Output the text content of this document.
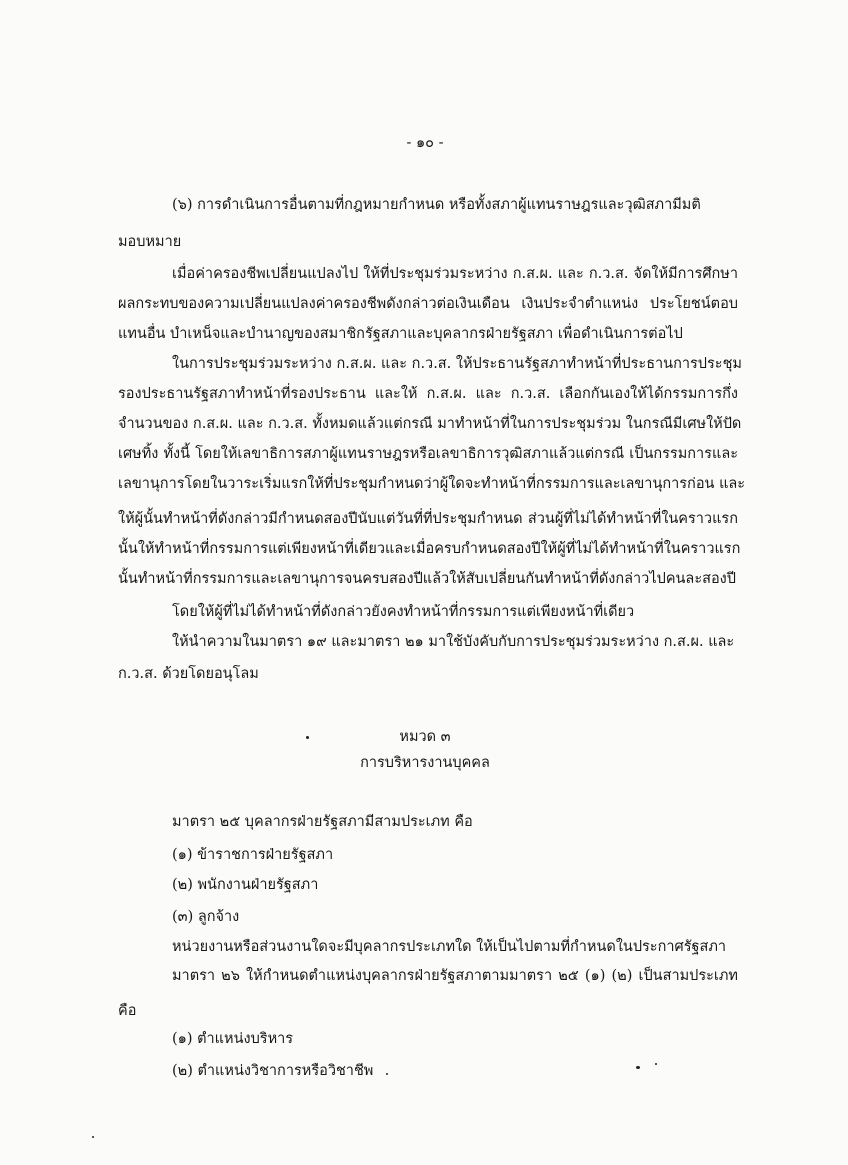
- ๑๐ -
(๖) การดำเนินการอื่นตามที่กฎหมายกำหนด หรือทั้งสภาผู้แทนราษฎรและวุฒิสภามีมติ
มอบหมาย
เมื่อค่าครองชีพเปลี่ยนแปลงไป ให้ที่ประชุมร่วมระหว่าง ก.ส.ผ. และ ก.ว.ส. จัดให้มีการศึกษา
ผลกระทบของความเปลี่ยนแปลงค่าครองชีพดังกล่าวต่อเงินเดือน เงินประจำตำแหน่ง ประโยชน์ตอบ
แทนอื่น บำเหน็จและบำนาญของสมาชิกรัฐสภาและบุคลากรฝ่ายรัฐสภา เพื่อดำเนินการต่อไป
ในการประชุมร่วมระหว่าง ก.ส.ผ. และ ก.ว.ส. ให้ประธานรัฐสภาทำหน้าที่ประธานการประชุม
รองประธานรัฐสภาทำหน้าที่รองประธาน และให้ ก.ส.ผ. และ ก.ว.ส. เลือกกันเองให้ได้กรรมการกึ่ง
จำนวนของ ก.ส.ผ. และ ก.ว.ส. ทั้งหมดแล้วแต่กรณี มาทำหน้าที่ในการประชุมร่วม ในกรณีมีเศษให้ปัด
เศษทิ้ง ทั้งนี้ โดยให้เลขาธิการสภาผู้แทนราษฎรหรือเลขาธิการวุฒิสภาแล้วแต่กรณี เป็นกรรมการและ
เลขานุการโดยในวาระเริ่มแรกให้ที่ประชุมกำหนดว่าผู้ใดจะทำหน้าที่กรรมการและเลขานุการก่อน และ
ให้ผู้นั้นทำหน้าที่ดังกล่าวมีกำหนดสองปีนับแต่วันที่ที่ประชุมกำหนด ส่วนผู้ที่ไม่ได้ทำหน้าที่ในคราวแรก
นั้นให้ทำหน้าที่กรรมการแต่เพียงหน้าที่เดียวและเมื่อครบกำหนดสองปีให้ผู้ที่ไม่ได้ทำหน้าที่ในคราวแรก
นั้นทำหน้าที่กรรมการและเลขานุการจนครบสองปีแล้วให้สับเปลี่ยนกันทำหน้าที่ดังกล่าวไปคนละสองปี
โดยให้ผู้ที่ไม่ได้ทำหน้าที่ดังกล่าวยังคงทำหน้าที่กรรมการแต่เพียงหน้าที่เดียว
ให้นำความในมาตรา ๑๙ และมาตรา ๒๑ มาใช้บังคับกับการประชุมร่วมระหว่าง ก.ส.ผ. และ
ก.ว.ส. ด้วยโดยอนุโลม
หมวด ๓
การบริหารงานบุคคล
มาตรา ๒๕ บุคลากรฝ่ายรัฐสภามีสามประเภท คือ
(๑) ข้าราชการฝ่ายรัฐสภา
(๒) พนักงานฝ่ายรัฐสภา
(๓) ลูกจ้าง
หน่วยงานหรือส่วนงานใดจะมีบุคลากรประเภทใด ให้เป็นไปตามที่กำหนดในประกาศรัฐสภา
มาตรา ๒๖ ให้กำหนดตำแหน่งบุคลากรฝ่ายรัฐสภาตามมาตรา ๒๕ (๑) (๒) เป็นสามประเภท
คือ
(๑) ตำแหน่งบริหาร
(๒) ตำแหน่งวิชาการหรือวิชาชีพ
